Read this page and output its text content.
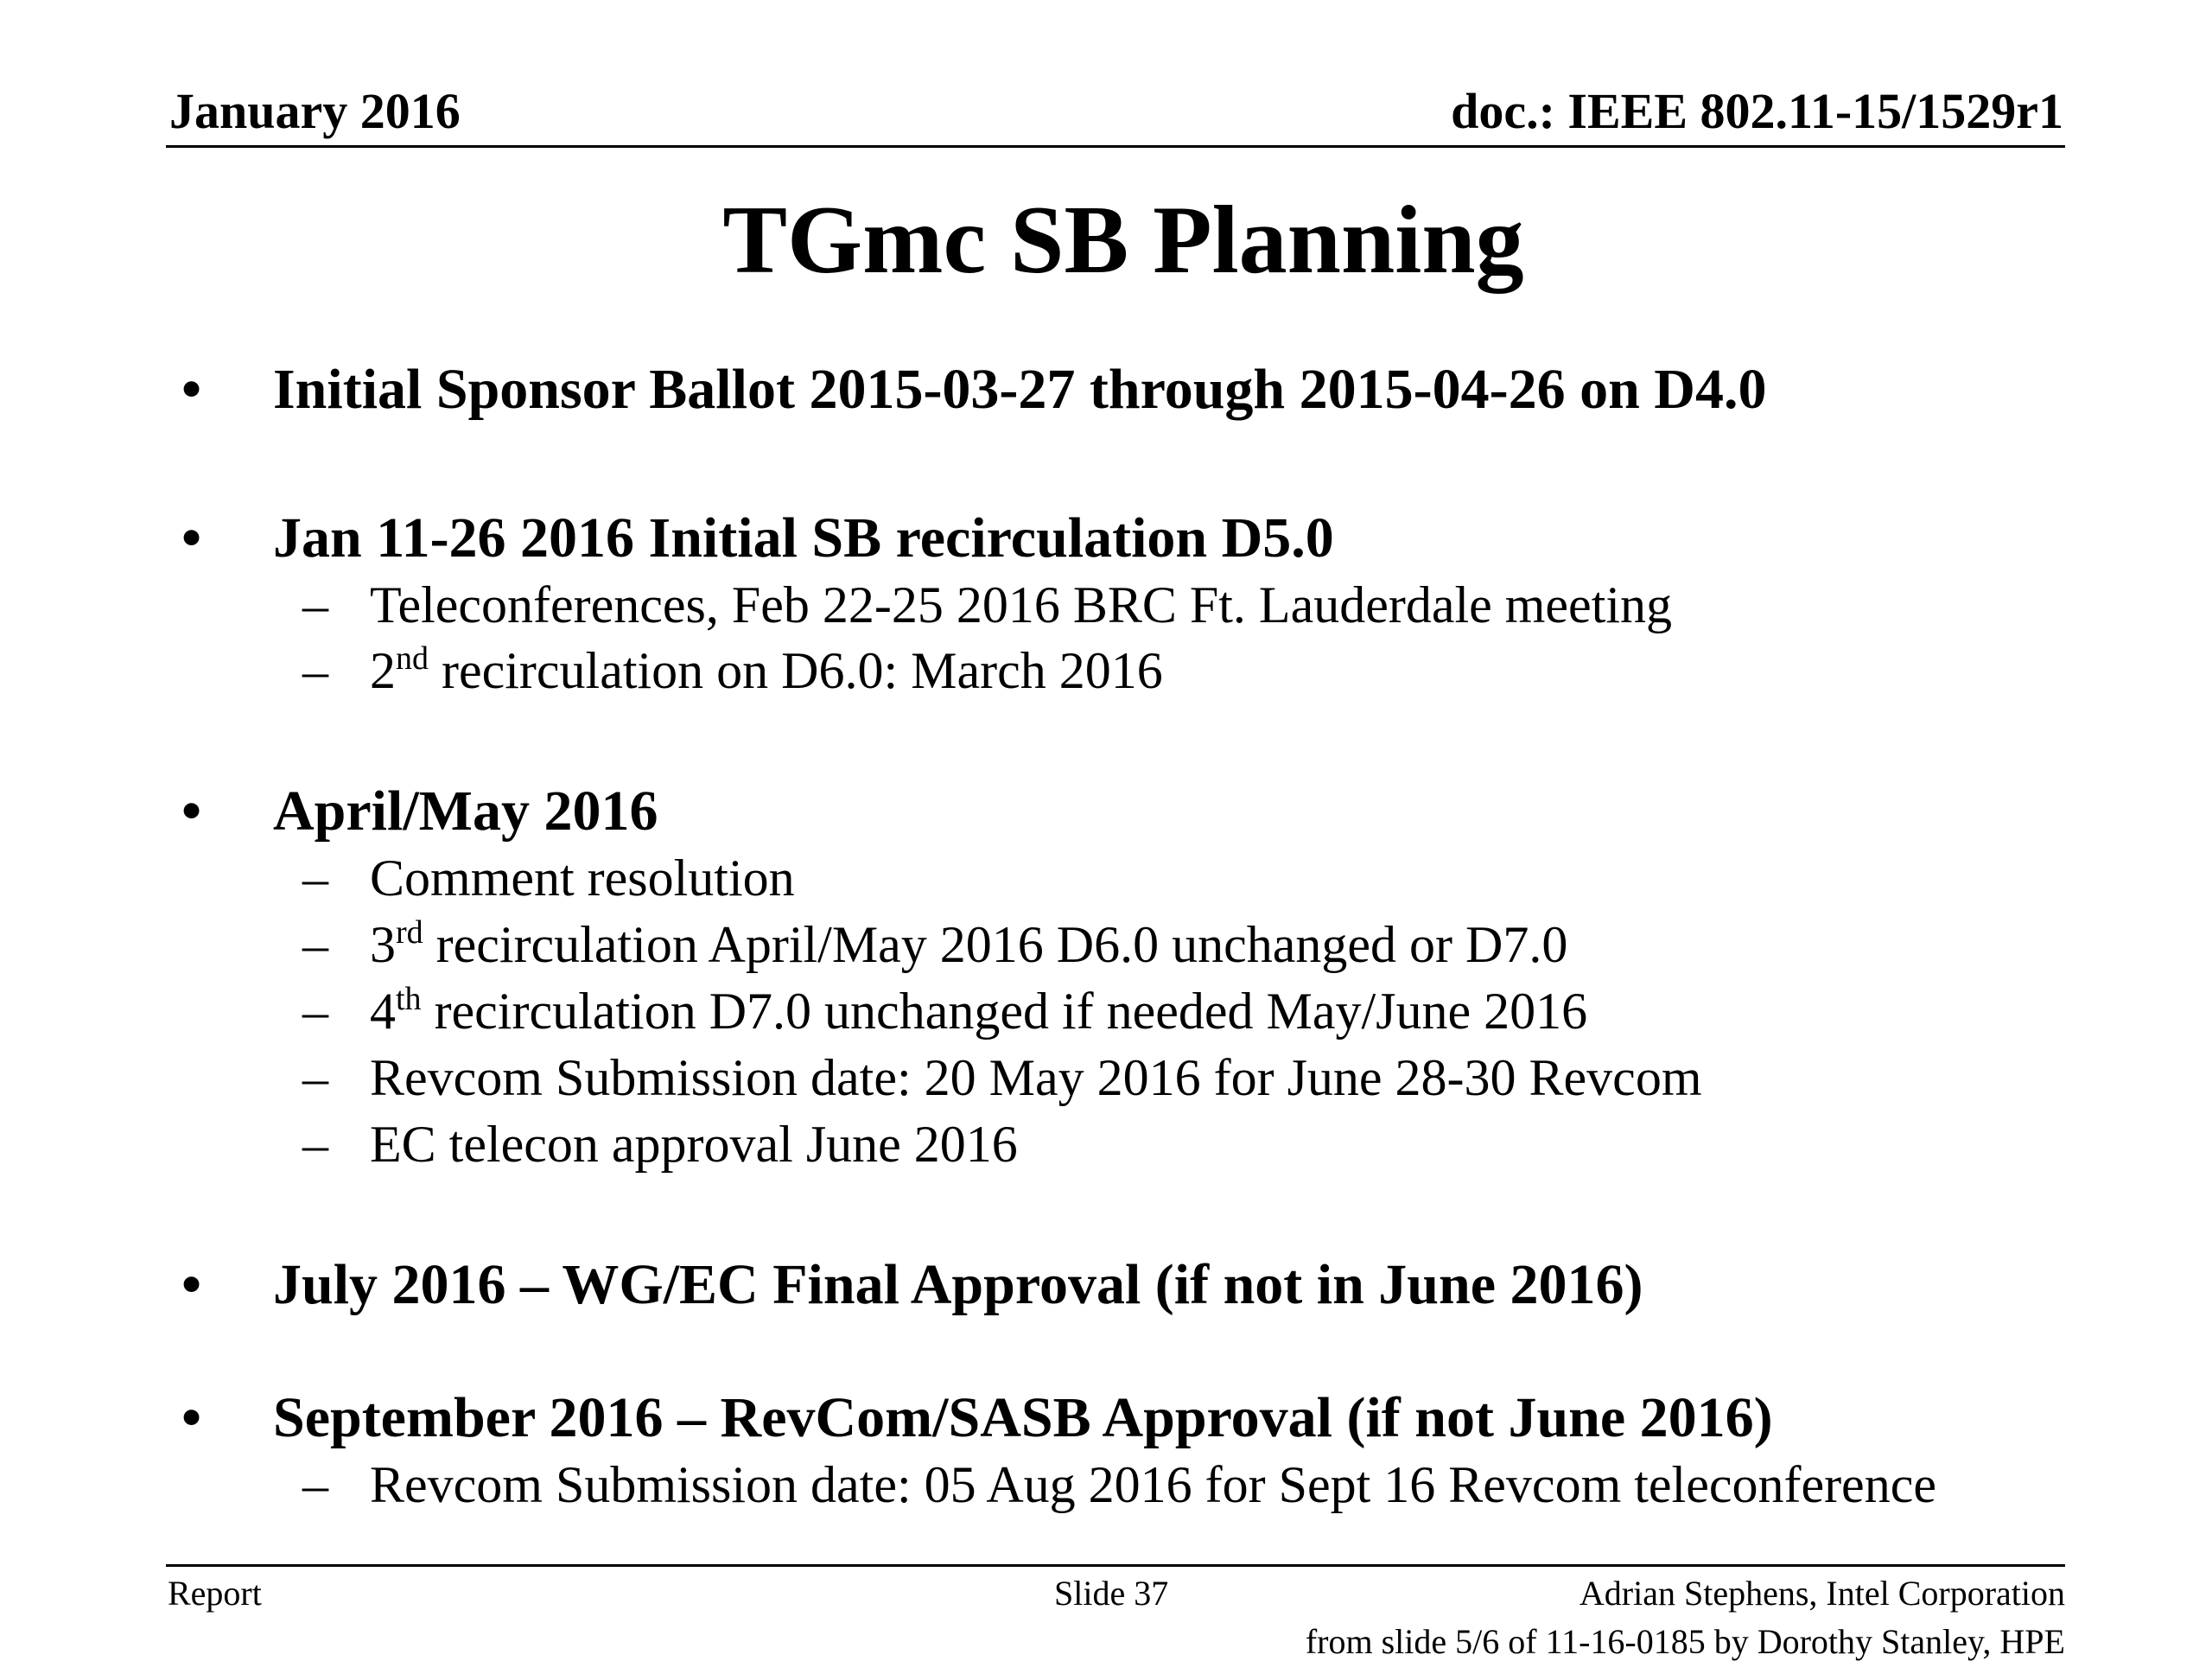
January 2016	doc.: IEEE 802.11-15/1529r1
TGmc SB Planning
• Initial Sponsor Ballot 2015-03-27 through 2015-04-26 on D4.0
• Jan 11-26 2016 Initial SB recirculation D5.0
– Teleconferences, Feb 22-25 2016 BRC Ft. Lauderdale meeting
– 2nd recirculation on D6.0: March 2016
• April/May 2016
– Comment resolution
– 3rd recirculation April/May 2016 D6.0 unchanged or D7.0
– 4th recirculation D7.0 unchanged if needed May/June 2016
– Revcom Submission date: 20 May 2016 for June 28-30 Revcom
– EC telecon approval June 2016
• July 2016 – WG/EC Final Approval (if not in June 2016)
• September 2016 – RevCom/SASB Approval (if not June 2016)
– Revcom Submission date: 05 Aug 2016 for Sept 16 Revcom teleconference
Report	Slide 37	Adrian Stephens, Intel Corporation
from slide 5/6 of 11-16-0185 by Dorothy Stanley, HPE
